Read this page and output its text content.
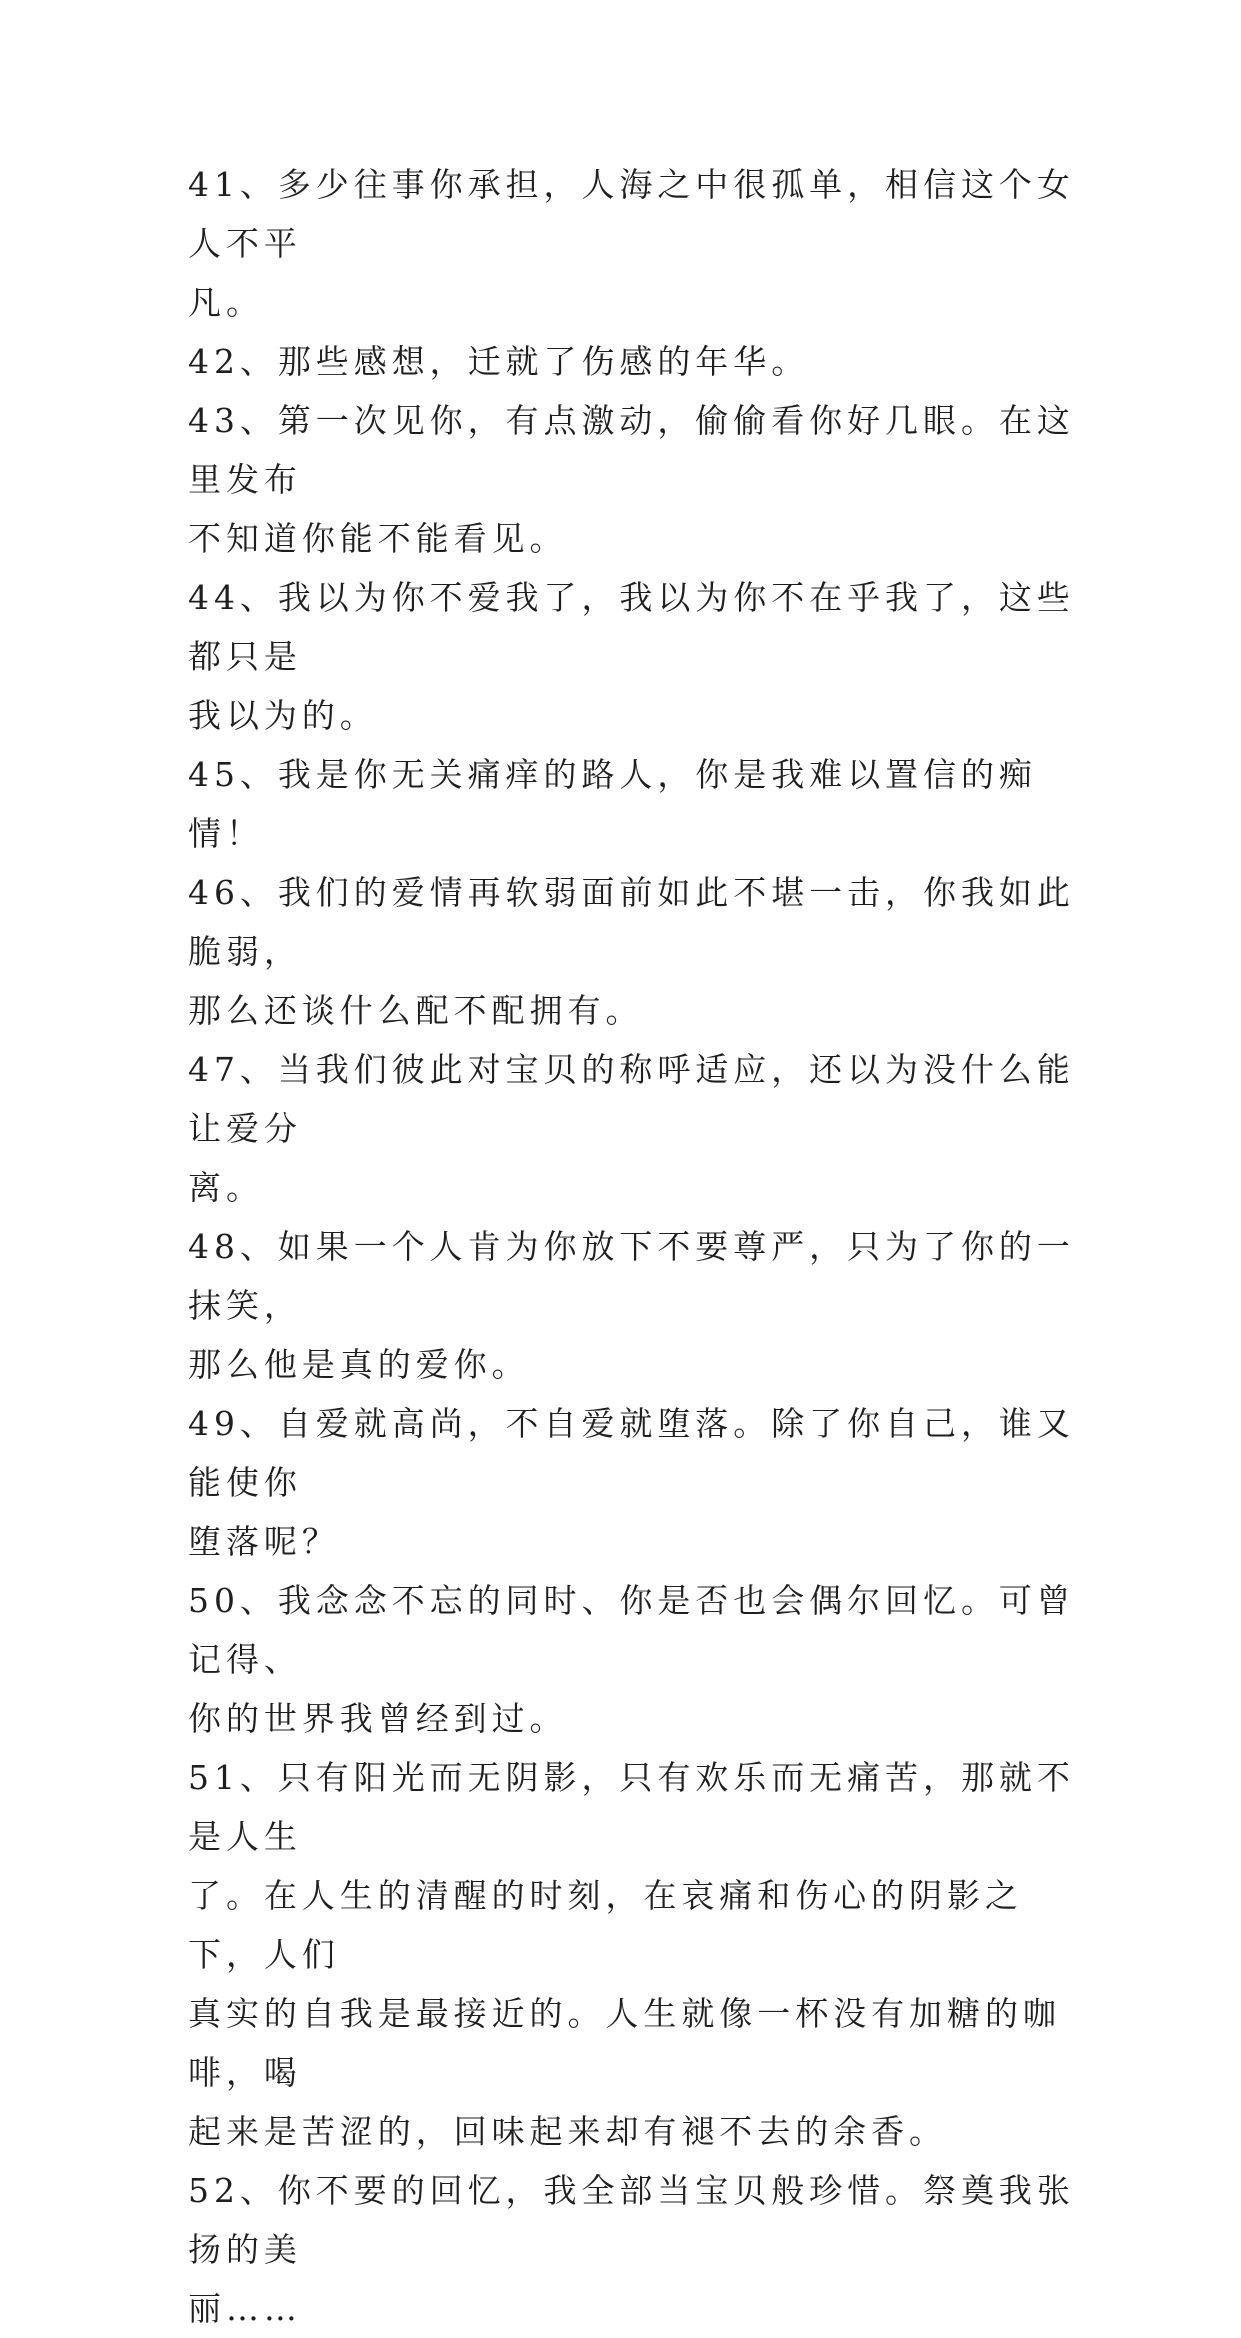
41、多少往事你承担，人海之中很孤单，相信这个女人不平
凡。

42、那些感想，迁就了伤感的年华。

43、第一次见你，有点激动，偷偷看你好几眼。在这里发布
不知道你能不能看见。

44、我以为你不爱我了，我以为你不在乎我了，这些都只是
我以为的。

45、我是你无关痛痒的路人，你是我难以置信的痴情！

46、我们的爱情再软弱面前如此不堪一击，你我如此脆弱，
那么还谈什么配不配拥有。

47、当我们彼此对宝贝的称呼适应，还以为没什么能让爱分
离。

48、如果一个人肯为你放下不要尊严，只为了你的一抹笑，
那么他是真的爱你。

49、自爱就高尚，不自爱就堕落。除了你自己，谁又能使你
堕落呢？

50、我念念不忘的同时、你是否也会偶尔回忆。可曾记得、
你的世界我曾经到过。

51、只有阳光而无阴影，只有欢乐而无痛苦，那就不是人生
了。在人生的清醒的时刻，在哀痛和伤心的阴影之下，人们
真实的自我是最接近的。人生就像一杯没有加糖的咖啡，喝
起来是苦涩的，回味起来却有褪不去的余香。

52、你不要的回忆，我全部当宝贝般珍惜。祭奠我张扬的美
丽……
